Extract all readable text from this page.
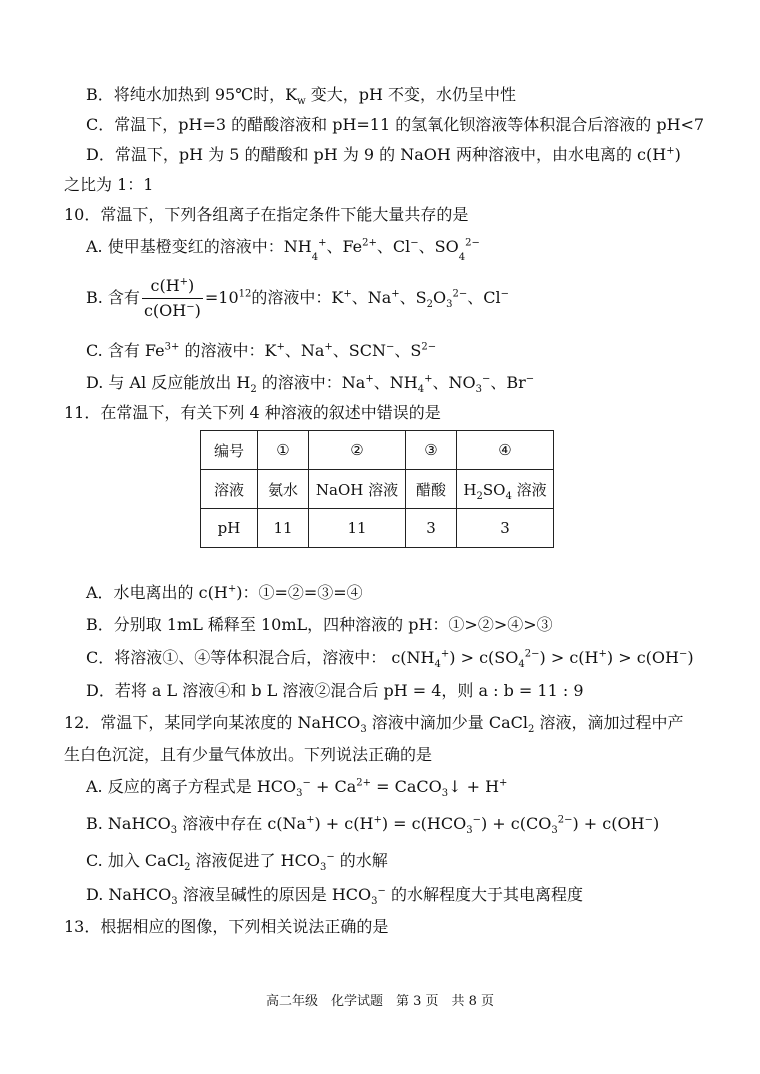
B．将纯水加热到 95℃时，$K_w$ 变大，pH 不变，水仍呈中性
C．常温下，pH=3 的醋酸溶液和 pH=11 的氢氧化钡溶液等体积混合后溶液的 pH<7
D．常温下，pH 为 5 的醋酸和 pH 为 9 的 NaOH 两种溶液中，由水电离的 c(H+)
之比为 1：1
10．常温下，下列各组离子在指定条件下能大量共存的是
A. 使甲基橙变红的溶液中：$NH_4^+$、$Fe^{2+}$、Cl−、$SO_4^{2-}$
B. 含有 $\frac{c(H^+)}{c(OH^-)} =10^{12}$的溶液中：K+、Na+、$S_2O_3^{2-}$、Cl−
C. 含有 $Fe^{3+}$ 的溶液中：K+、Na+、SCN−、$S^{2-}$
D. 与 Al 反应能放出 $H_2$ 的溶液中：Na+、$NH_4^+$、$NO_3^-$、Br−
11．在常温下，有关下列 4 种溶液的叙述中错误的是
编号	①	②	③	④
溶液	氨水	NaOH 溶液	醋酸	$H_2SO_4$ 溶液
pH	11	11	3	3
A．水电离出的 c(H+)：①=②=③=④
B．分别取 1mL 稀释至 10mL，四种溶液的 pH：①>②>④>③
C．将溶液①、④等体积混合后，溶液中： $c(NH_4^+) > c(SO_4^{2-}) > c(H^+) > c(OH^-)$
D．若将 a L 溶液④和 b L 溶液②混合后 pH = 4，则 a : b = 11 : 9
12．常温下，某同学向某浓度的 NaHCO$_3$ 溶液中滴加少量 CaCl$_2$ 溶液，滴加过程中产
生白色沉淀，且有少量气体放出。下列说法正确的是
A. 反应的离子方程式是 $HCO_3^- + Ca^{2+}$ = CaCO$_3$↓ + H+
B. NaHCO$_3$ 溶液中存在 $c(Na^+) + c(H^+) = c(HCO_3^-) + c(CO_3^{2-}) + c(OH^-)$
C. 加入 CaCl$_2$ 溶液促进了 $HCO_3^-$ 的水解
D. NaHCO$_3$ 溶液呈碱性的原因是 $HCO_3^-$ 的水解程度大于其电离程度
13．根据相应的图像，下列相关说法正确的是
高二年级　化学试题　第 3 页　共 8 页
